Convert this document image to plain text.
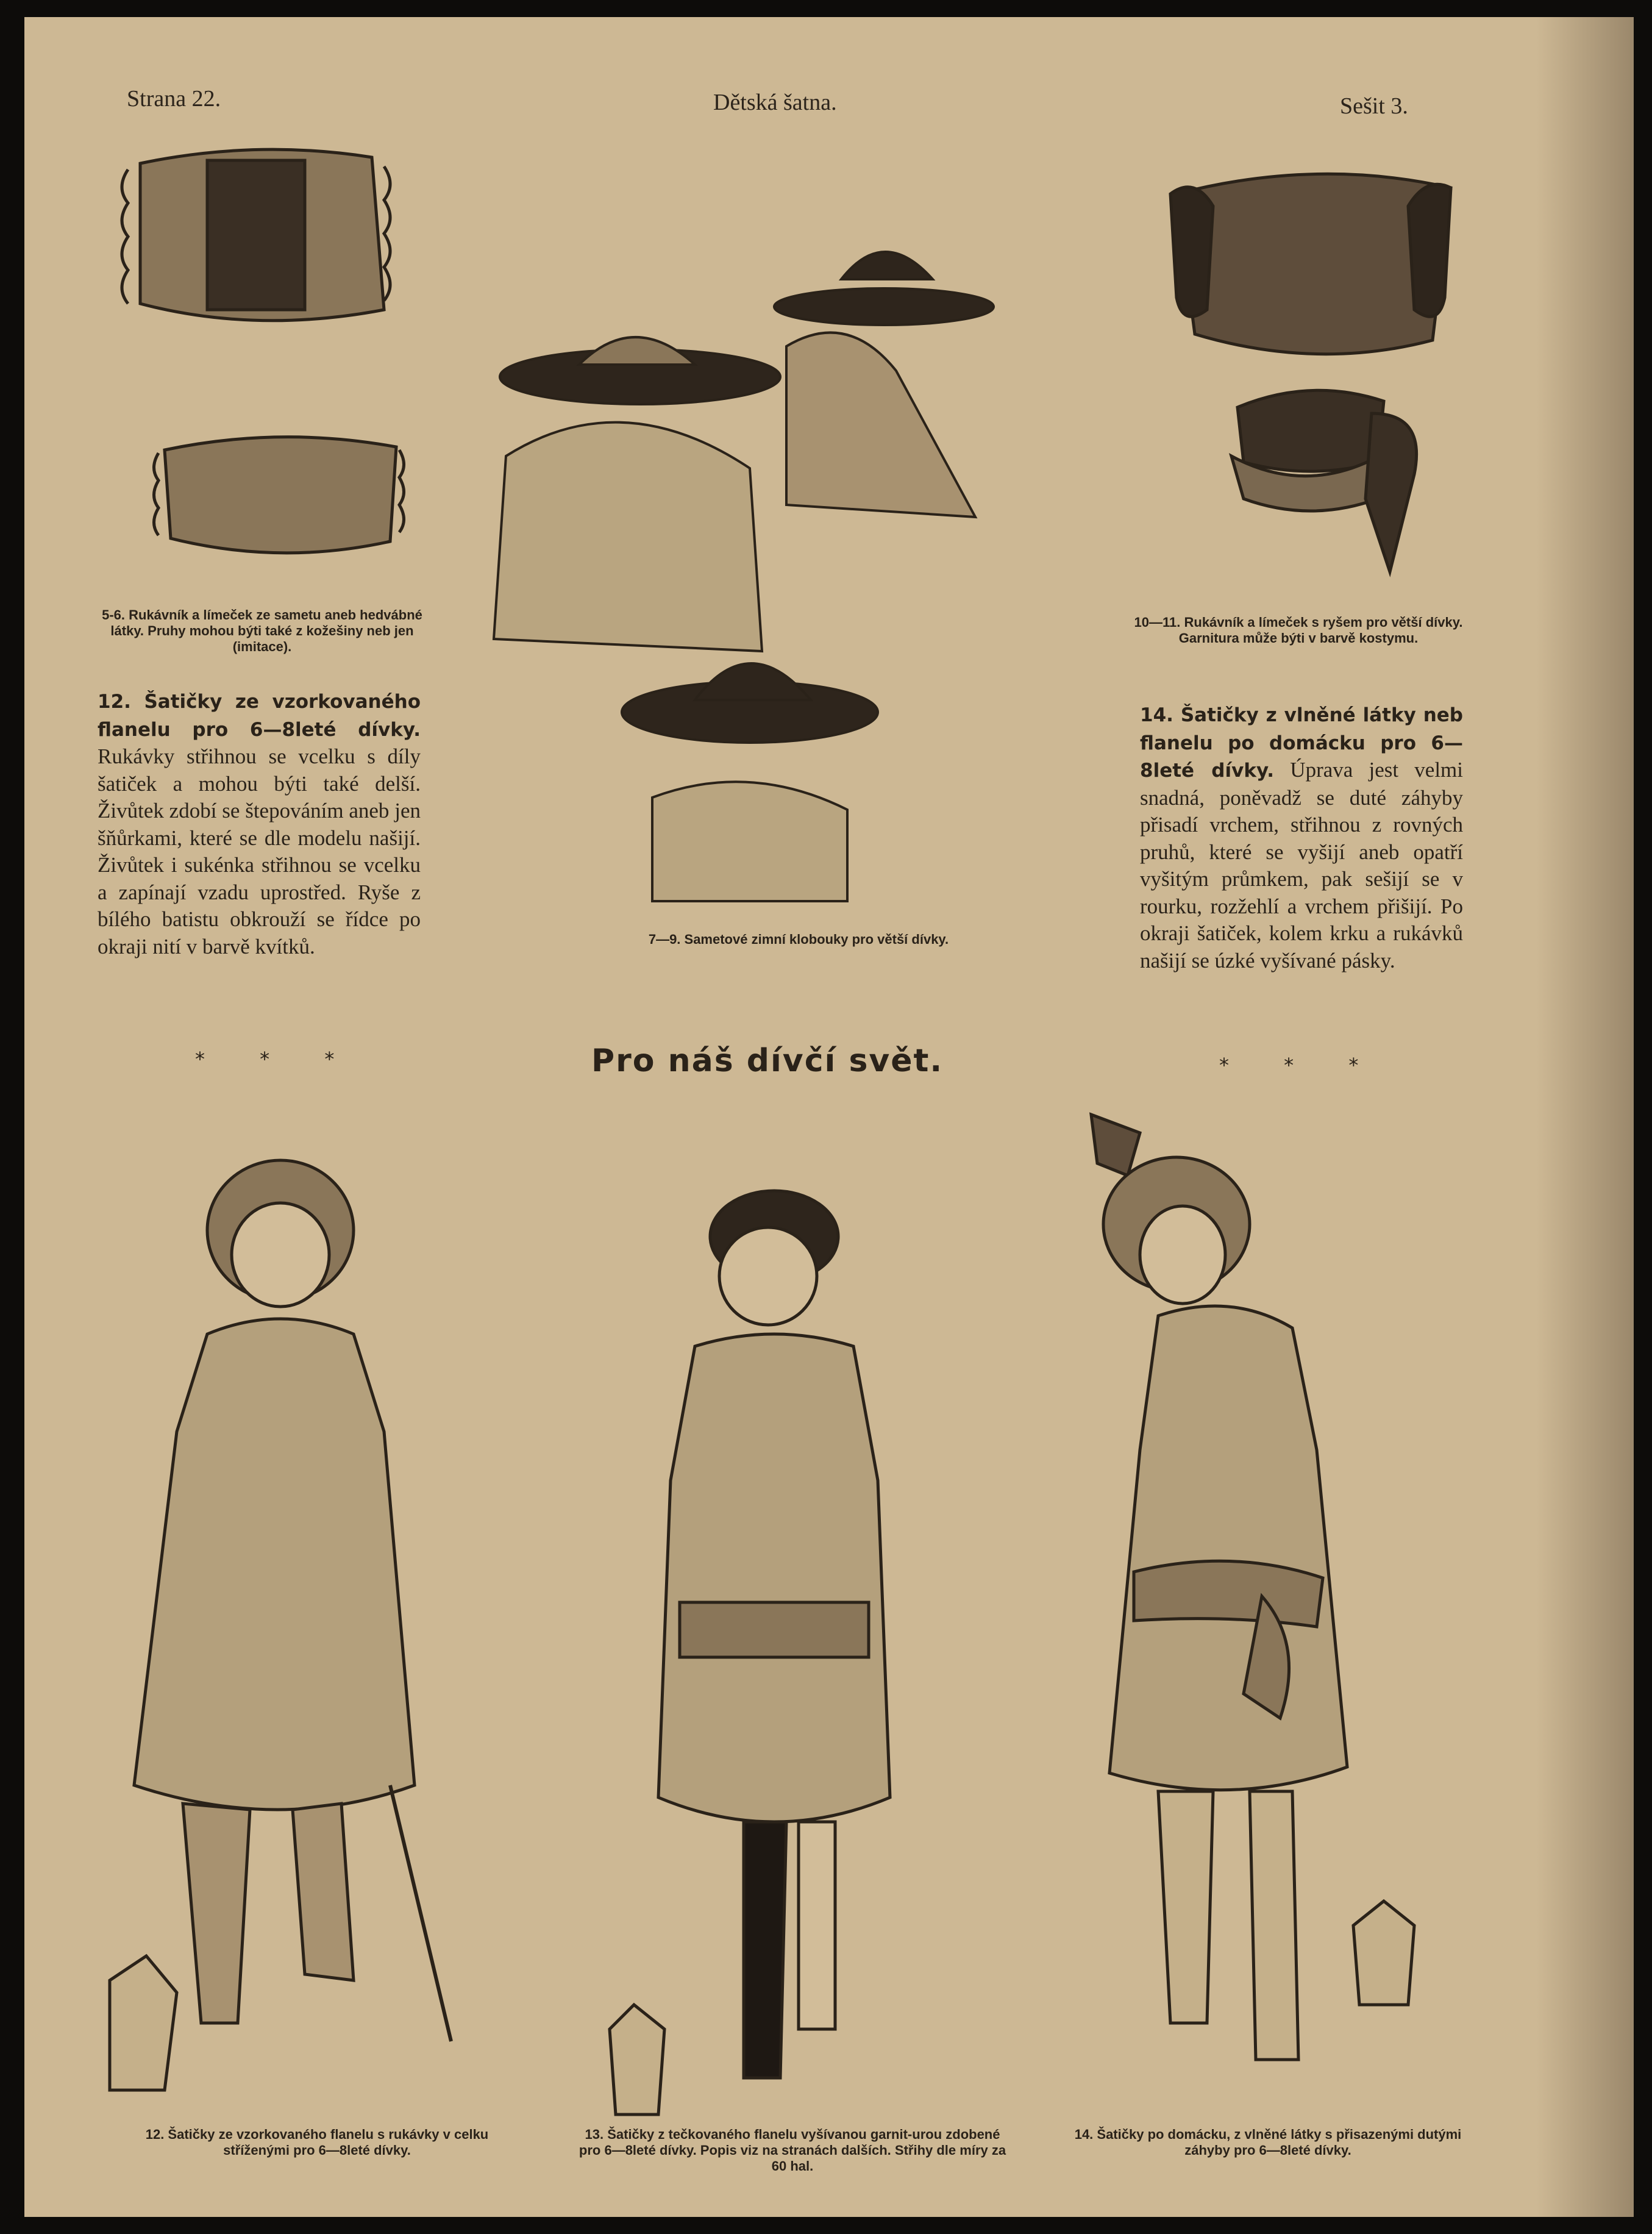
Strana 22.	Dětská šatna.	Sešit 3.
5-6. Rukávník a límeček ze sametu aneb hedvábné látky. Pruhy mohou býti také z kožešiny neb jen (imitace).
7—9. Sametové zimní klobouky pro větší dívky.
10—11. Rukávník a límeček s ryšem pro větší dívky. Garnitura může býti v barvě kostymu.

12. Šatičky ze vzorkovaného flanelu pro 6—8leté dívky. Rukávky střihnou se vcelku s díly šatiček a mohou býti také delší. Živůtek zdobí se štepováním aneb jen šňůrkami, které se dle modelu našijí. Živůtek i sukénka střihnou se vcelku a zapínají vzadu uprostřed. Ryše z bílého batistu obkrouží se řídce po okraji nití v barvě kvítků.

* * *

14. Šatičky z vlněné látky neb flanelu po domácku pro 6—8leté dívky. Úprava jest velmi snadná, poněvadž se duté záhyby přisadí vrchem, střihnou z rovných pruhů, které se vyšijí aneb opatří vyšitým průmkem, pak sešijí se v rourku, rozžehlí a vrchem přišijí. Po okraji šatiček, kolem krku a rukávků našijí se úzké vyšívané pásky.

* * *
Pro náš dívčí svět.
12. Šatičky ze vzorkovaného flanelu s rukávky v celku stříženými pro 6—8leté dívky.
13. Šatičky z tečkovaného flanelu vyšívanou garnit-urou zdobené pro 6—8leté dívky. Popis viz na stranách dalších. Střihy dle míry za 60 hal.
14. Šatičky po domácku, z vlněné látky s přisazenými dutými záhyby pro 6—8leté dívky.
